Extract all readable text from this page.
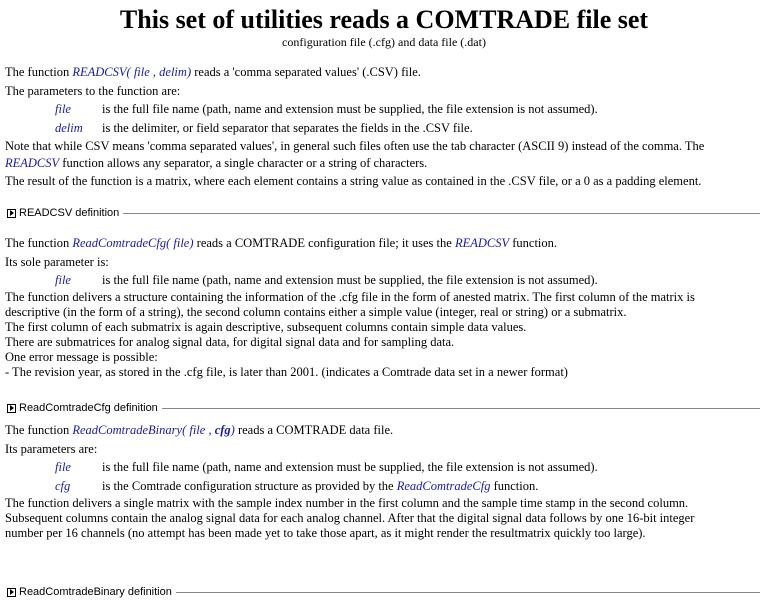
This set of utilities reads a COMTRADE file set
configuration file (.cfg) and data file (.dat)

The function READCSV( file , delim) reads a 'comma separated values' (.CSV) file.

The parameters to the function are:

file	is the full file name (path, name and extension must be supplied, the file extension is not assumed).
delim	is the delimiter, or field separator that separates the fields in the .CSV file.

Note that while CSV means 'comma separated values', in general such files often use the tab character (ASCII 9) instead of the comma. The

READCSV function allows any separator, a single character or a string of characters.

The result of the function is a matrix, where each element contains a string value as contained in the .CSV file, or a 0 as a padding element.

READCSV definition

The function ReadComtradeCfg( file) reads a COMTRADE configuration file; it uses the READCSV function.

Its sole parameter is:

file	is the full file name (path, name and extension must be supplied, the file extension is not assumed).

The function delivers a structure containing the information of the .cfg file in the form of anested matrix. The first column of the matrix is

descriptive (in the form of a string), the second column contains either a simple value (integer, real or string) or a submatrix.

The first column of each submatrix is again descriptive, subsequent columns contain simple data values.

There are submatrices for analog signal data, for digital signal data and for sampling data.

One error message is possible:

- The revision year, as stored in the .cfg file, is later than 2001. (indicates a Comtrade data set in a newer format)

ReadComtradeCfg definition

The function ReadComtradeBinary( file , cfg) reads a COMTRADE data file.

Its parameters are:

file	is the full file name (path, name and extension must be supplied, the file extension is not assumed).
cfg	is the Comtrade configuration structure as provided by the ReadComtradeCfg function.

The function delivers a single matrix with the sample index number in the first column and the sample time stamp in the second column.

Subsequent columns contain the analog signal data for each analog channel. After that the digital signal data follows by one 16-bit integer

number per 16 channels (no attempt has been made yet to take those apart, as it might render the resultmatrix quickly too large).

ReadComtradeBinary definition
